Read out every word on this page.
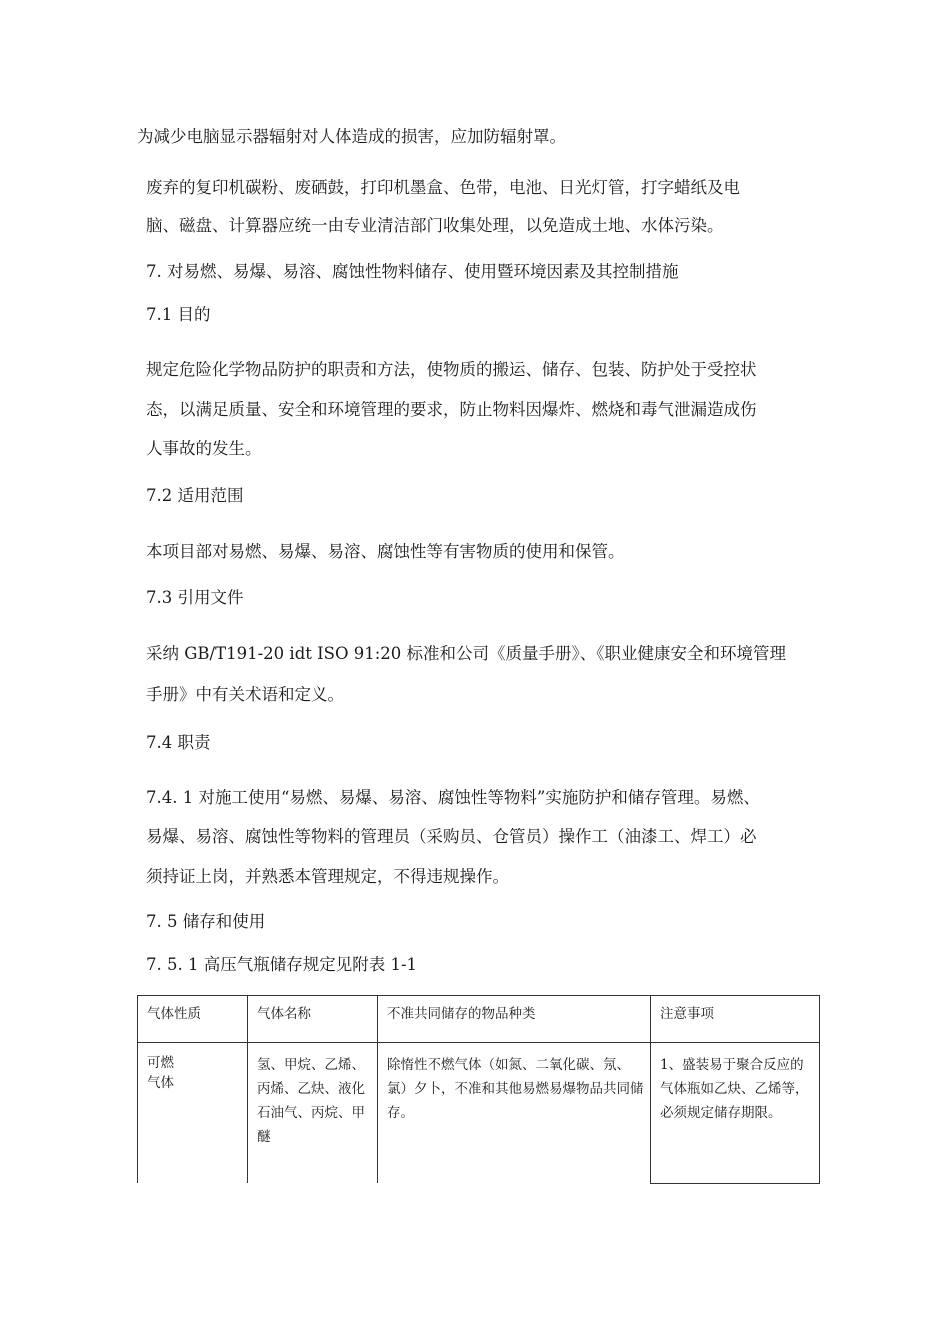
为减少电脑显示器辐射对人体造成的损害，应加防辐射罩。

废弃的复印机碳粉、废硒鼓，打印机墨盒、色带，电池、日光灯管，打字蜡纸及电

脑、磁盘、计算器应统一由专业清洁部门收集处理，以免造成土地、水体污染。

7. 对易燃、易爆、易溶、腐蚀性物料储存、使用暨环境因素及其控制措施

7.1 目的

规定危险化学物品防护的职责和方法，使物质的搬运、储存、包装、防护处于受控状

态，以满足质量、安全和环境管理的要求，防止物料因爆炸、燃烧和毒气泄漏造成伤

人事故的发生。

7.2 适用范围

本项目部对易燃、易爆、易溶、腐蚀性等有害物质的使用和保管。

7.3 引用文件

采纳 GB/T191-20 idt ISO 91:20 标准和公司《质量手册》、《职业健康安全和环境管理

手册》中有关术语和定义。

7.4 职责

7.4. 1 对施工使用“易燃、易爆、易溶、腐蚀性等物料”实施防护和储存管理。易燃、

易爆、易溶、腐蚀性等物料的管理员（采购员、仓管员）操作工（油漆工、焊工）必

须持证上岗，并熟悉本管理规定，不得违规操作。

7. 5 储存和使用

7. 5. 1 高压气瓶储存规定见附表 1-1

气体性质	气体名称	不准共同储存的物品种类	注意事项

可燃
气体	氢、甲烷、乙烯、丙烯、乙炔、液化石油气、丙烷、甲醚	除惰性不燃气体（如氮、二氧化碳、氖、氯）夕卜，不准和其他易燃易爆物品共同储存。	1、盛装易于聚合反应的气体瓶如乙炔、乙烯等，必须规定储存期限。
